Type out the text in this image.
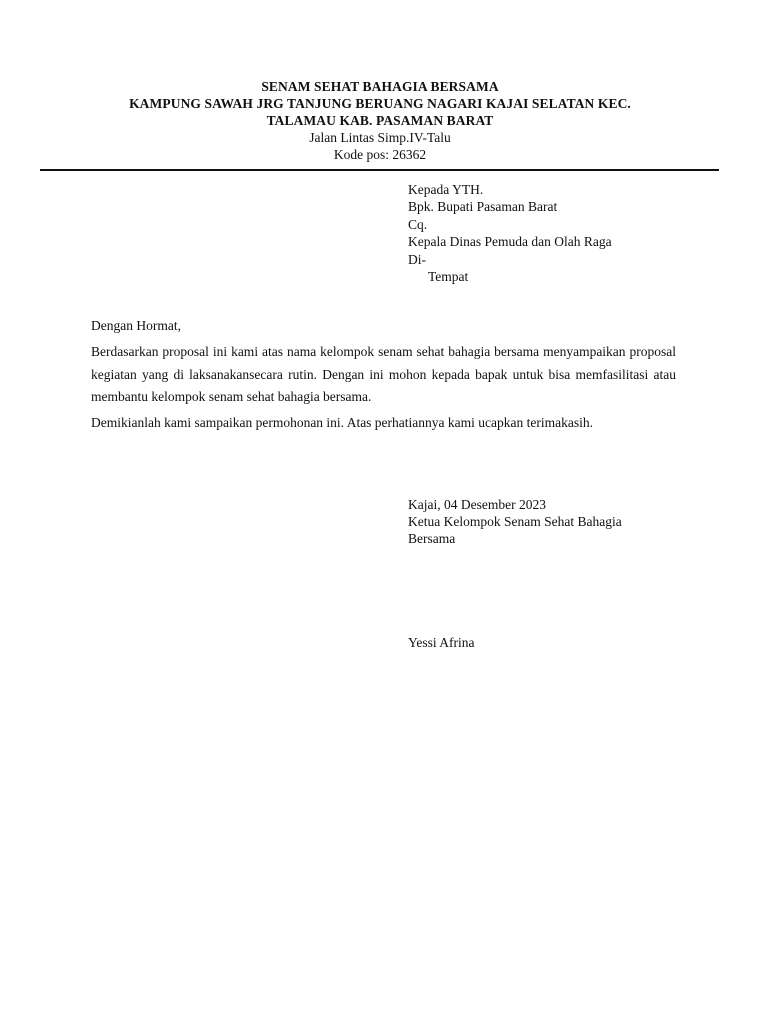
SENAM SEHAT BAHAGIA BERSAMA
KAMPUNG SAWAH JRG TANJUNG BERUANG NAGARI KAJAI SELATAN KEC.
TALAMAU KAB. PASAMAN BARAT
Jalan Lintas Simp.IV-Talu
Kode pos: 26362
Kepada YTH.
Bpk. Bupati Pasaman Barat
Cq.
Kepala Dinas Pemuda dan Olah Raga
Di-
Tempat
Dengan Hormat,
Berdasarkan proposal ini kami atas nama kelompok senam sehat bahagia bersama menyampaikan proposal kegiatan yang di laksanakansecara rutin. Dengan ini mohon kepada bapak untuk bisa memfasilitasi atau membantu kelompok senam sehat bahagia bersama.
Demikianlah kami sampaikan permohonan ini. Atas perhatiannya kami ucapkan terimakasih.
Kajai, 04 Desember 2023
Ketua Kelompok Senam Sehat Bahagia
Bersama
Yessi Afrina
